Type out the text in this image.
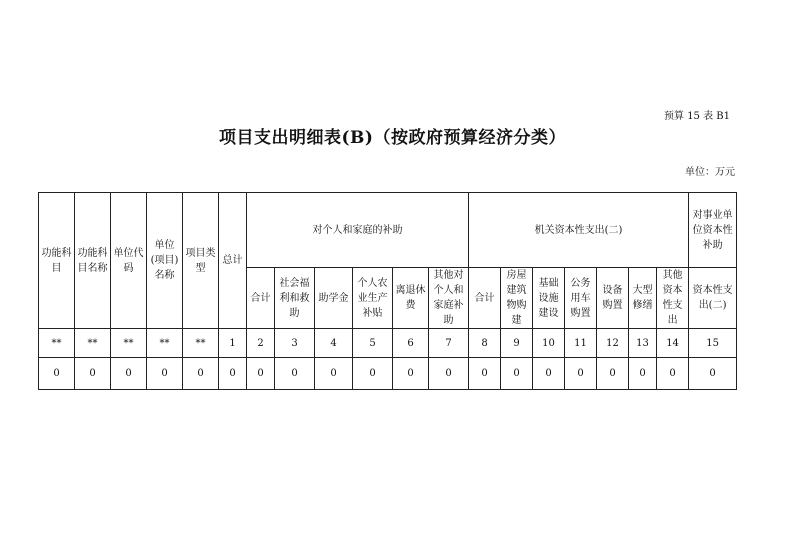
预算 15 表 B1
项目支出明细表(B)（按政府预算经济分类）
单位：万元
功能科目	功能科目名称	单位代码	单位(项目)名称	项目类型	总计	对个人和家庭的补助						机关资本性支出(二)							对事业单位资本性补助
						合计	社会福利和救助	助学金	个人农业生产补贴	离退休费	其他对个人和家庭补助	合计	房屋建筑物购建	基础设施建设	公务用车购置	设备购置	大型修缮	其他资本性支出	资本性支出(二)
**	**	**	**	**	1	2	3	4	5	6	7	8	9	10	11	12	13	14	15
0	0	0	0	0	0	0	0	0	0	0	0	0	0	0	0	0	0	0	0
